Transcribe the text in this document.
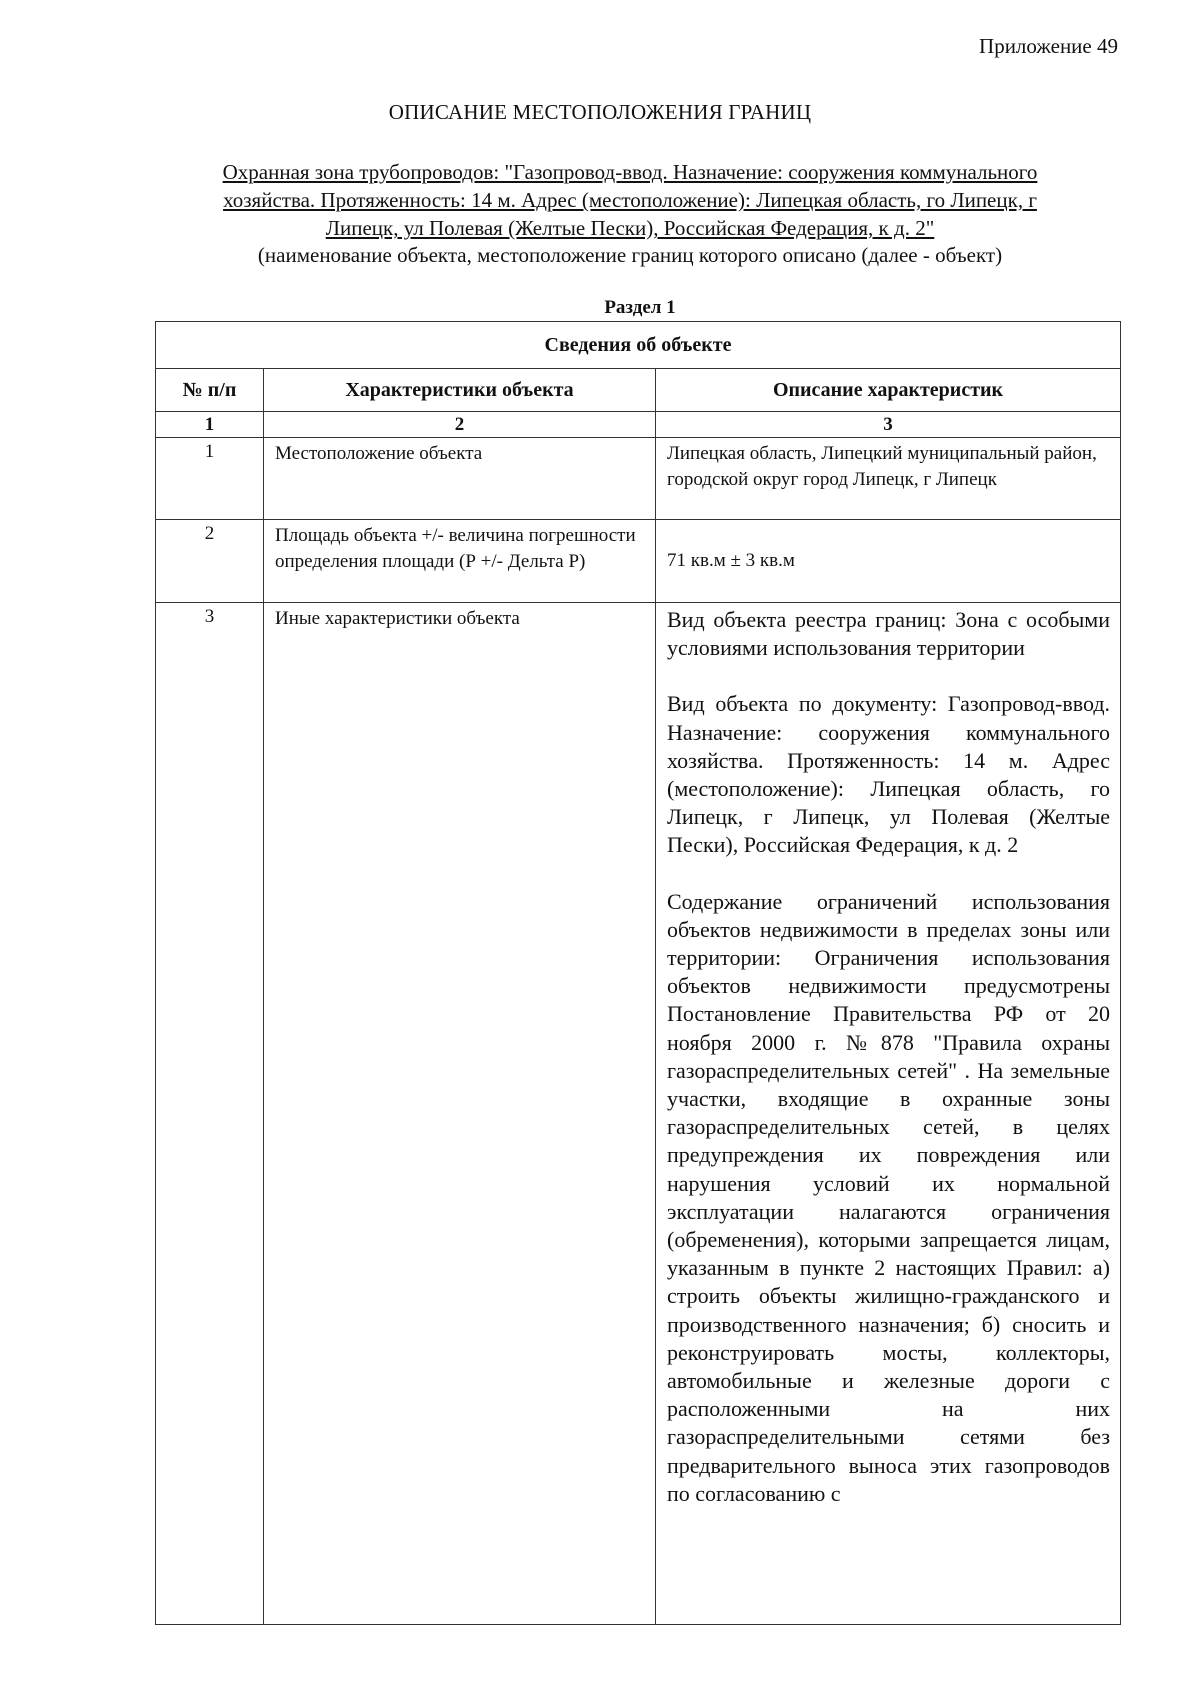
Приложение 49
ОПИСАНИЕ МЕСТОПОЛОЖЕНИЯ ГРАНИЦ
Охранная зона трубопроводов: "Газопровод-ввод. Назначение: сооружения коммунального
хозяйства. Протяженность: 14 м. Адрес (местоположение): Липецкая область, го Липецк, г
Липецк, ул Полевая (Желтые Пески), Российская Федерация, к д. 2"
(наименование объекта, местоположение границ которого описано (далее - объект)
Раздел 1
Сведения об объекте		
№ п/п	Характеристики объекта	Описание характеристик
1	2	3
1	Местоположение объекта	Липецкая область, Липецкий муниципальный район, городской округ город Липецк, г Липецк
2	Площадь объекта +/- величина погрешности определения площади (Р +/- Дельта Р)	71 кв.м ± 3 кв.м
3	Иные характеристики объекта	Вид объекта реестра границ: Зона с особыми условиями использования территории

Вид объекта по документу: Газопровод-ввод. Назначение: сооружения коммунального хозяйства. Протяженность: 14 м. Адрес (местоположение): Липецкая область, го Липецк, г Липецк, ул Полевая (Желтые Пески), Российская Федерация, к д. 2

Содержание ограничений использования объектов недвижимости в пределах зоны или территории: Ограничения использования объектов недвижимости предусмотрены Постановление Правительства РФ от 20 ноября 2000 г. №878 "Правила охраны газораспределительных сетей" . На земельные участки, входящие в охранные зоны газораспределительных сетей, в целях предупреждения их повреждения или нарушения условий их нормальной эксплуатации налагаются ограничения (обременения), которыми запрещается лицам, указанным в пункте 2 настоящих Правил: а) строить объекты жилищно-гражданского и производственного назначения; б) сносить и реконструировать мосты, коллекторы, автомобильные и железные дороги с расположенными на них газораспределительными сетями без предварительного выноса этих газопроводов по согласованию с
